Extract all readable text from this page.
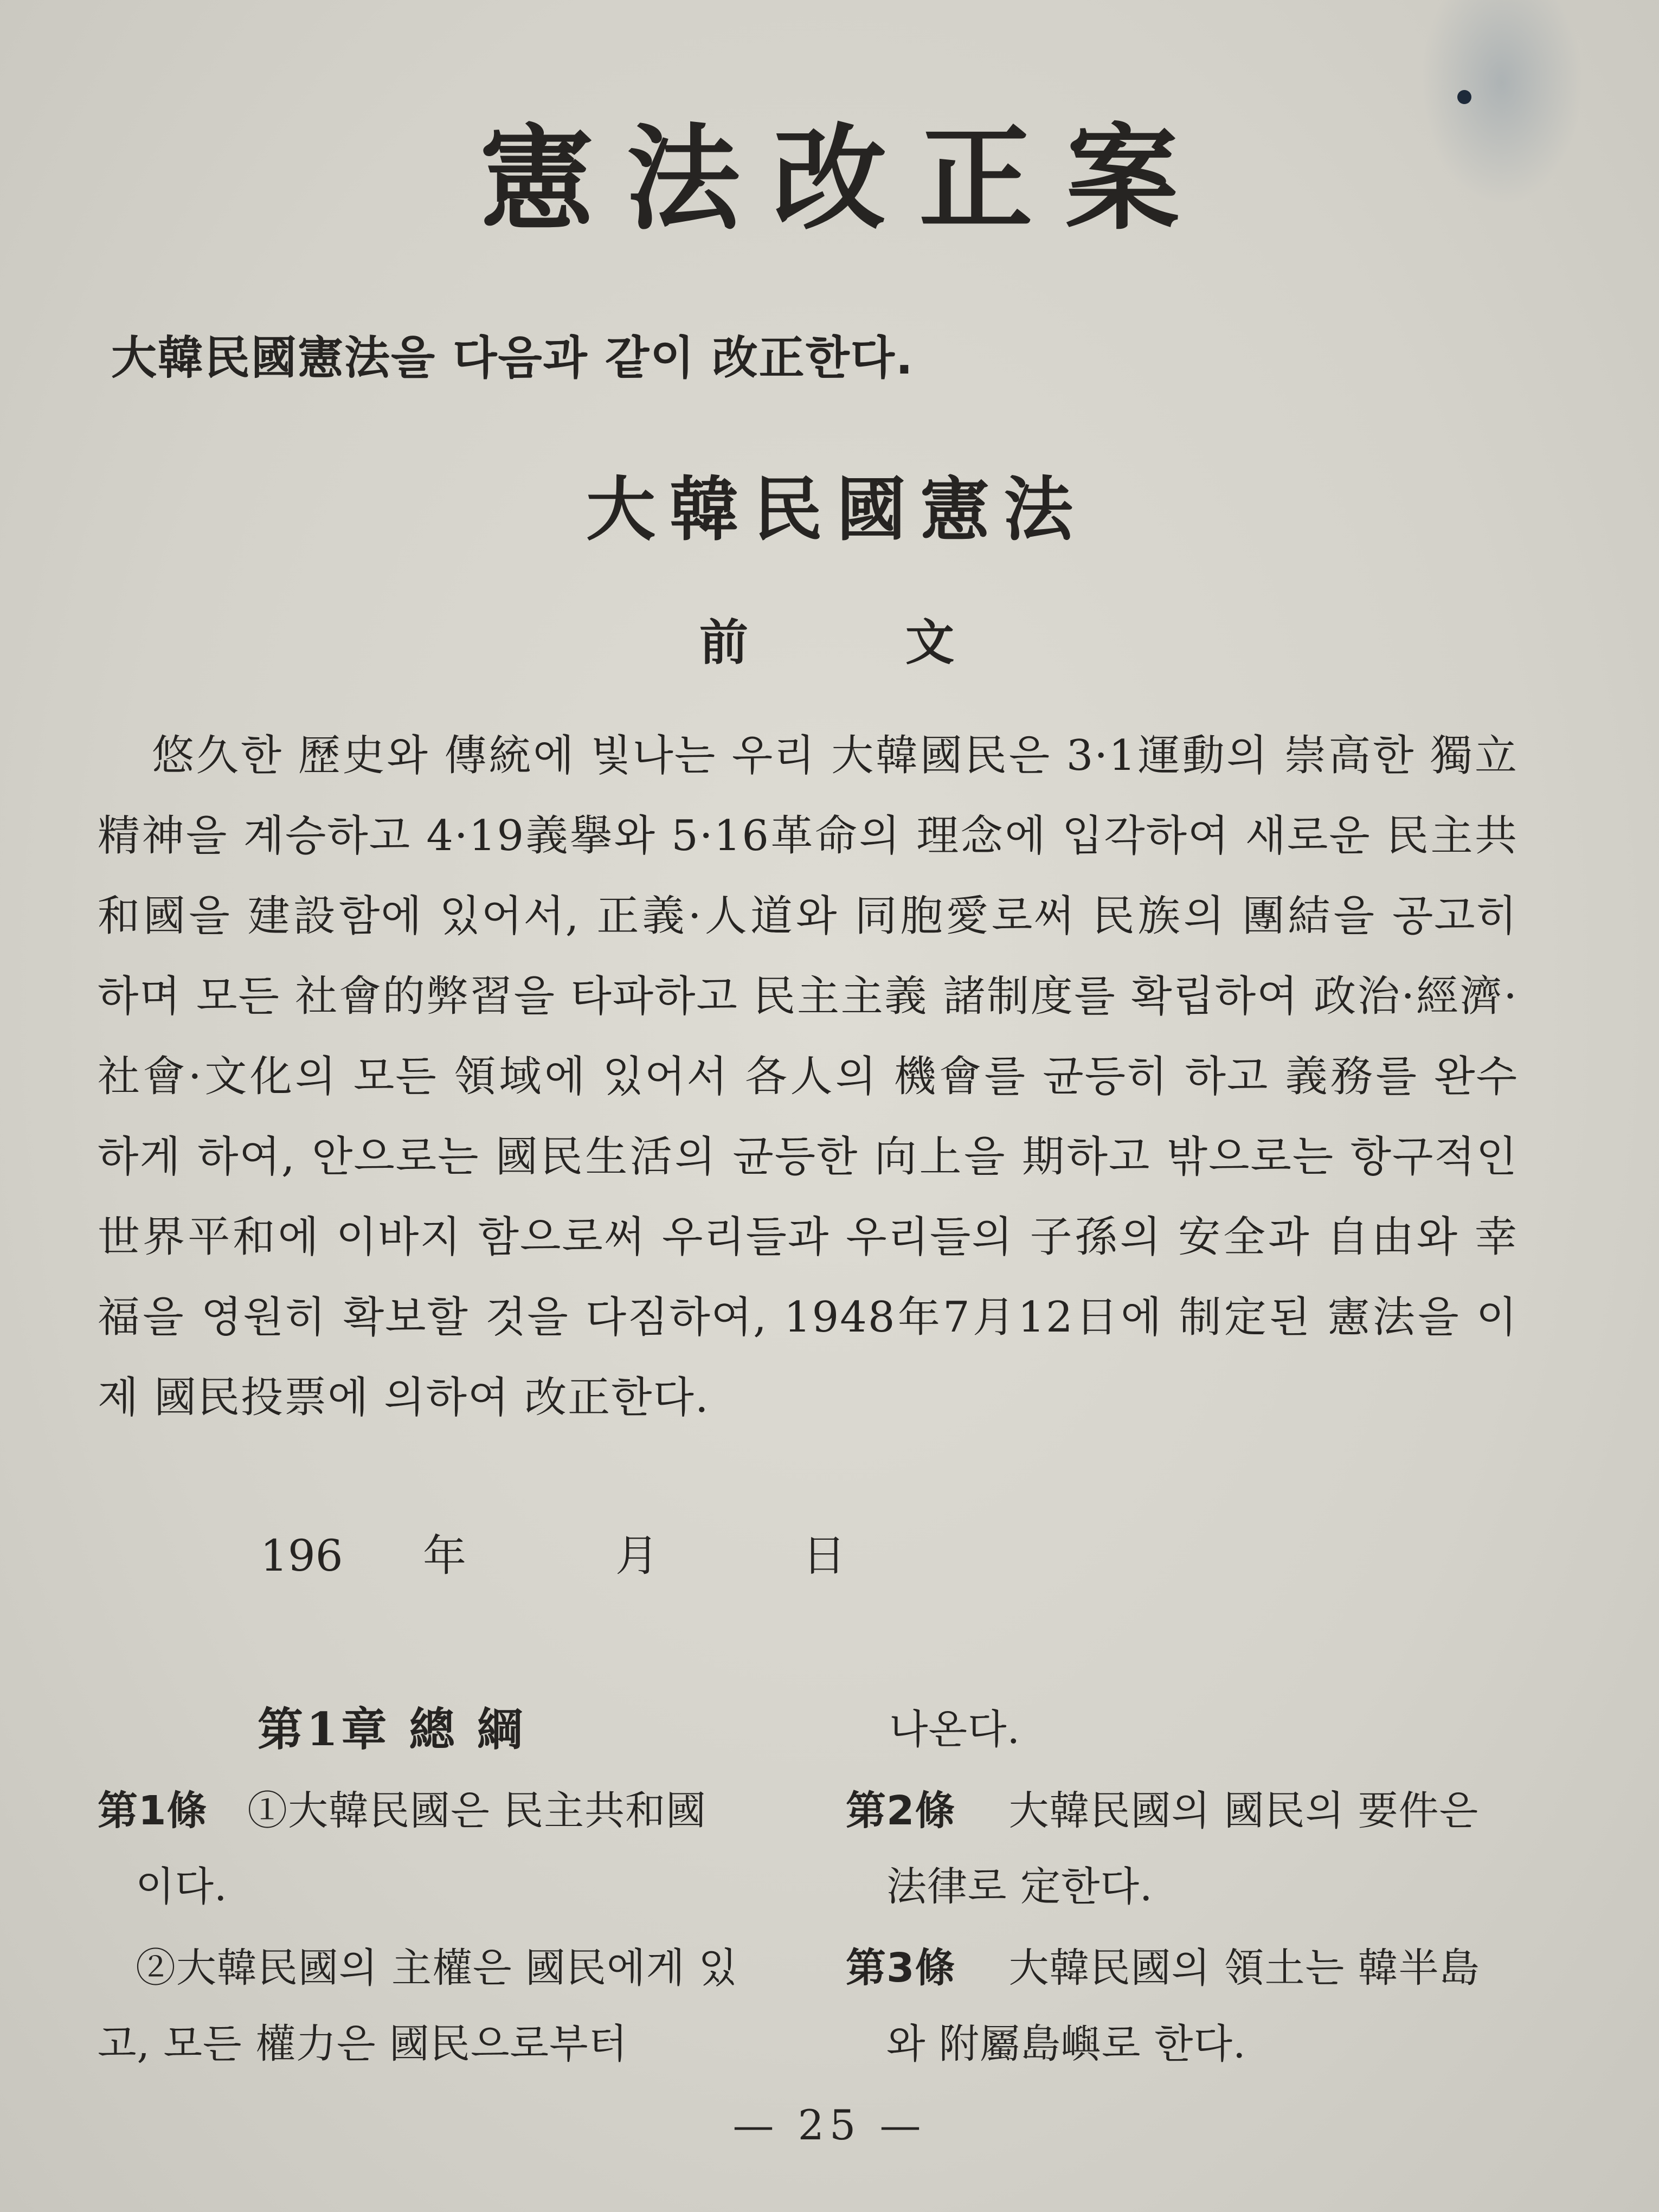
憲法改正案
大韓民國憲法을 다음과 같이 改正한다.
大韓民國憲法
前	文

悠久한 歷史와 傳統에 빛나는 우리 大韓國民은 3·1運動의 崇高한 獨立精神을 계승하고 4·19義擧와 5·16革命의 理念에 입각하여 새로운 民主共和國을 建設함에 있어서, 正義·人道와 同胞愛로써 民族의 團結을 공고히 하며 모든 社會的弊習을 타파하고 民主主義 諸制度를 확립하여 政治·經濟·社會·文化의 모든 領域에 있어서 各人의 機會를 균등히 하고 義務를 완수하게 하여, 안으로는 國民生活의 균등한 向上을 期하고 밖으로는 항구적인 世界平和에 이바지 함으로써 우리들과 우리들의 子孫의 安全과 自由와 幸福을 영원히 확보할 것을 다짐하여, 1948年7月12日에 制定된 憲法을 이제 國民投票에 의하여 改正한다.

196 年	月	日
第1章 總 綱
第1條 ①大韓民國은 民主共和國
이다.
②大韓民國의 主權은 國民에게 있
고, 모든 權力은 國民으로부터
나온다.
第2條 大韓民國의 國民의 要件은
法律로 定한다.
第3條 大韓民國의 領土는 韓半島
와 附屬島嶼로 한다.
— 25 —
